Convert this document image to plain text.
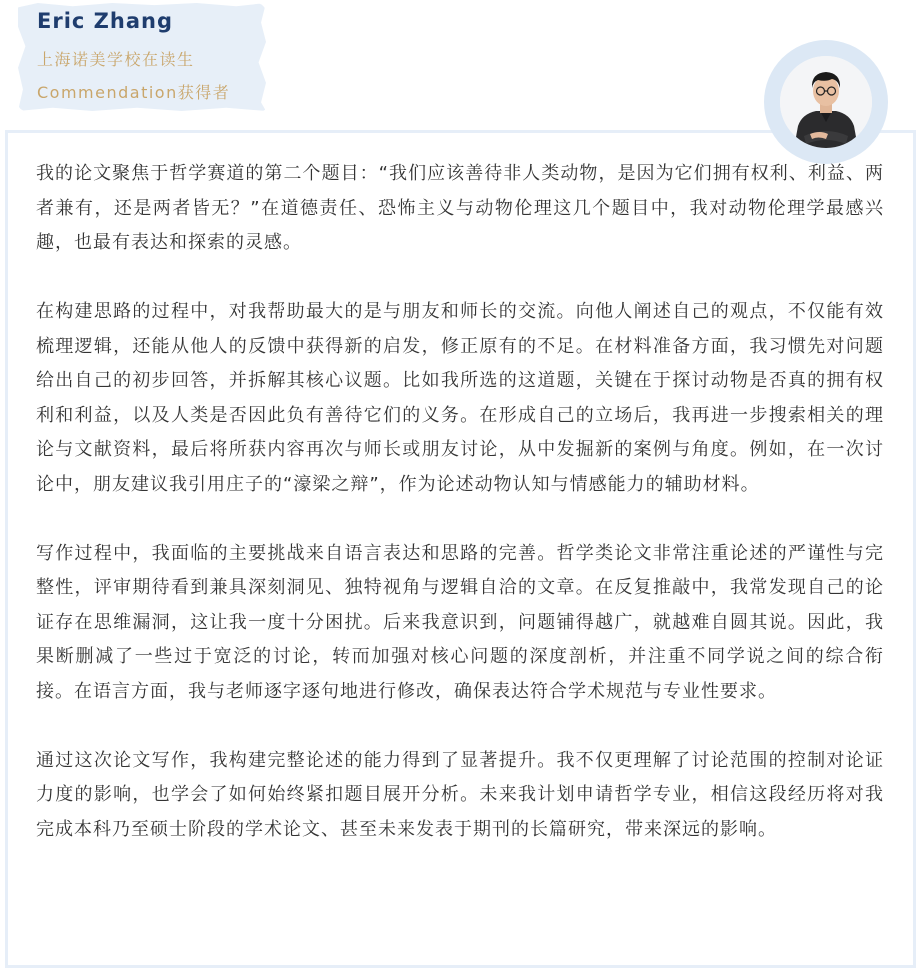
Eric Zhang
上海诺美学校在读生
Commendation获得者

我的论文聚焦于哲学赛道的第二个题目：“我们应该善待非人类动物，是因为它们拥有权利、利益、两者兼有，还是两者皆无？”在道德责任、恐怖主义与动物伦理这几个题目中，我对动物伦理学最感兴趣，也最有表达和探索的灵感。

在构建思路的过程中，对我帮助最大的是与朋友和师长的交流。向他人阐述自己的观点，不仅能有效梳理逻辑，还能从他人的反馈中获得新的启发，修正原有的不足。在材料准备方面，我习惯先对问题给出自己的初步回答，并拆解其核心议题。比如我所选的这道题，关键在于探讨动物是否真的拥有权利和利益，以及人类是否因此负有善待它们的义务。在形成自己的立场后，我再进一步搜索相关的理论与文献资料，最后将所获内容再次与师长或朋友讨论，从中发掘新的案例与角度。例如，在一次讨论中，朋友建议我引用庄子的“濠梁之辩”，作为论述动物认知与情感能力的辅助材料。

写作过程中，我面临的主要挑战来自语言表达和思路的完善。哲学类论文非常注重论述的严谨性与完整性，评审期待看到兼具深刻洞见、独特视角与逻辑自洽的文章。在反复推敲中，我常发现自己的论证存在思维漏洞，这让我一度十分困扰。后来我意识到，问题铺得越广，就越难自圆其说。因此，我果断删减了一些过于宽泛的讨论，转而加强对核心问题的深度剖析，并注重不同学说之间的综合衔接。在语言方面，我与老师逐字逐句地进行修改，确保表达符合学术规范与专业性要求。

通过这次论文写作，我构建完整论述的能力得到了显著提升。我不仅更理解了讨论范围的控制对论证力度的影响，也学会了如何始终紧扣题目展开分析。未来我计划申请哲学专业，相信这段经历将对我完成本科乃至硕士阶段的学术论文、甚至未来发表于期刊的长篇研究，带来深远的影响。
